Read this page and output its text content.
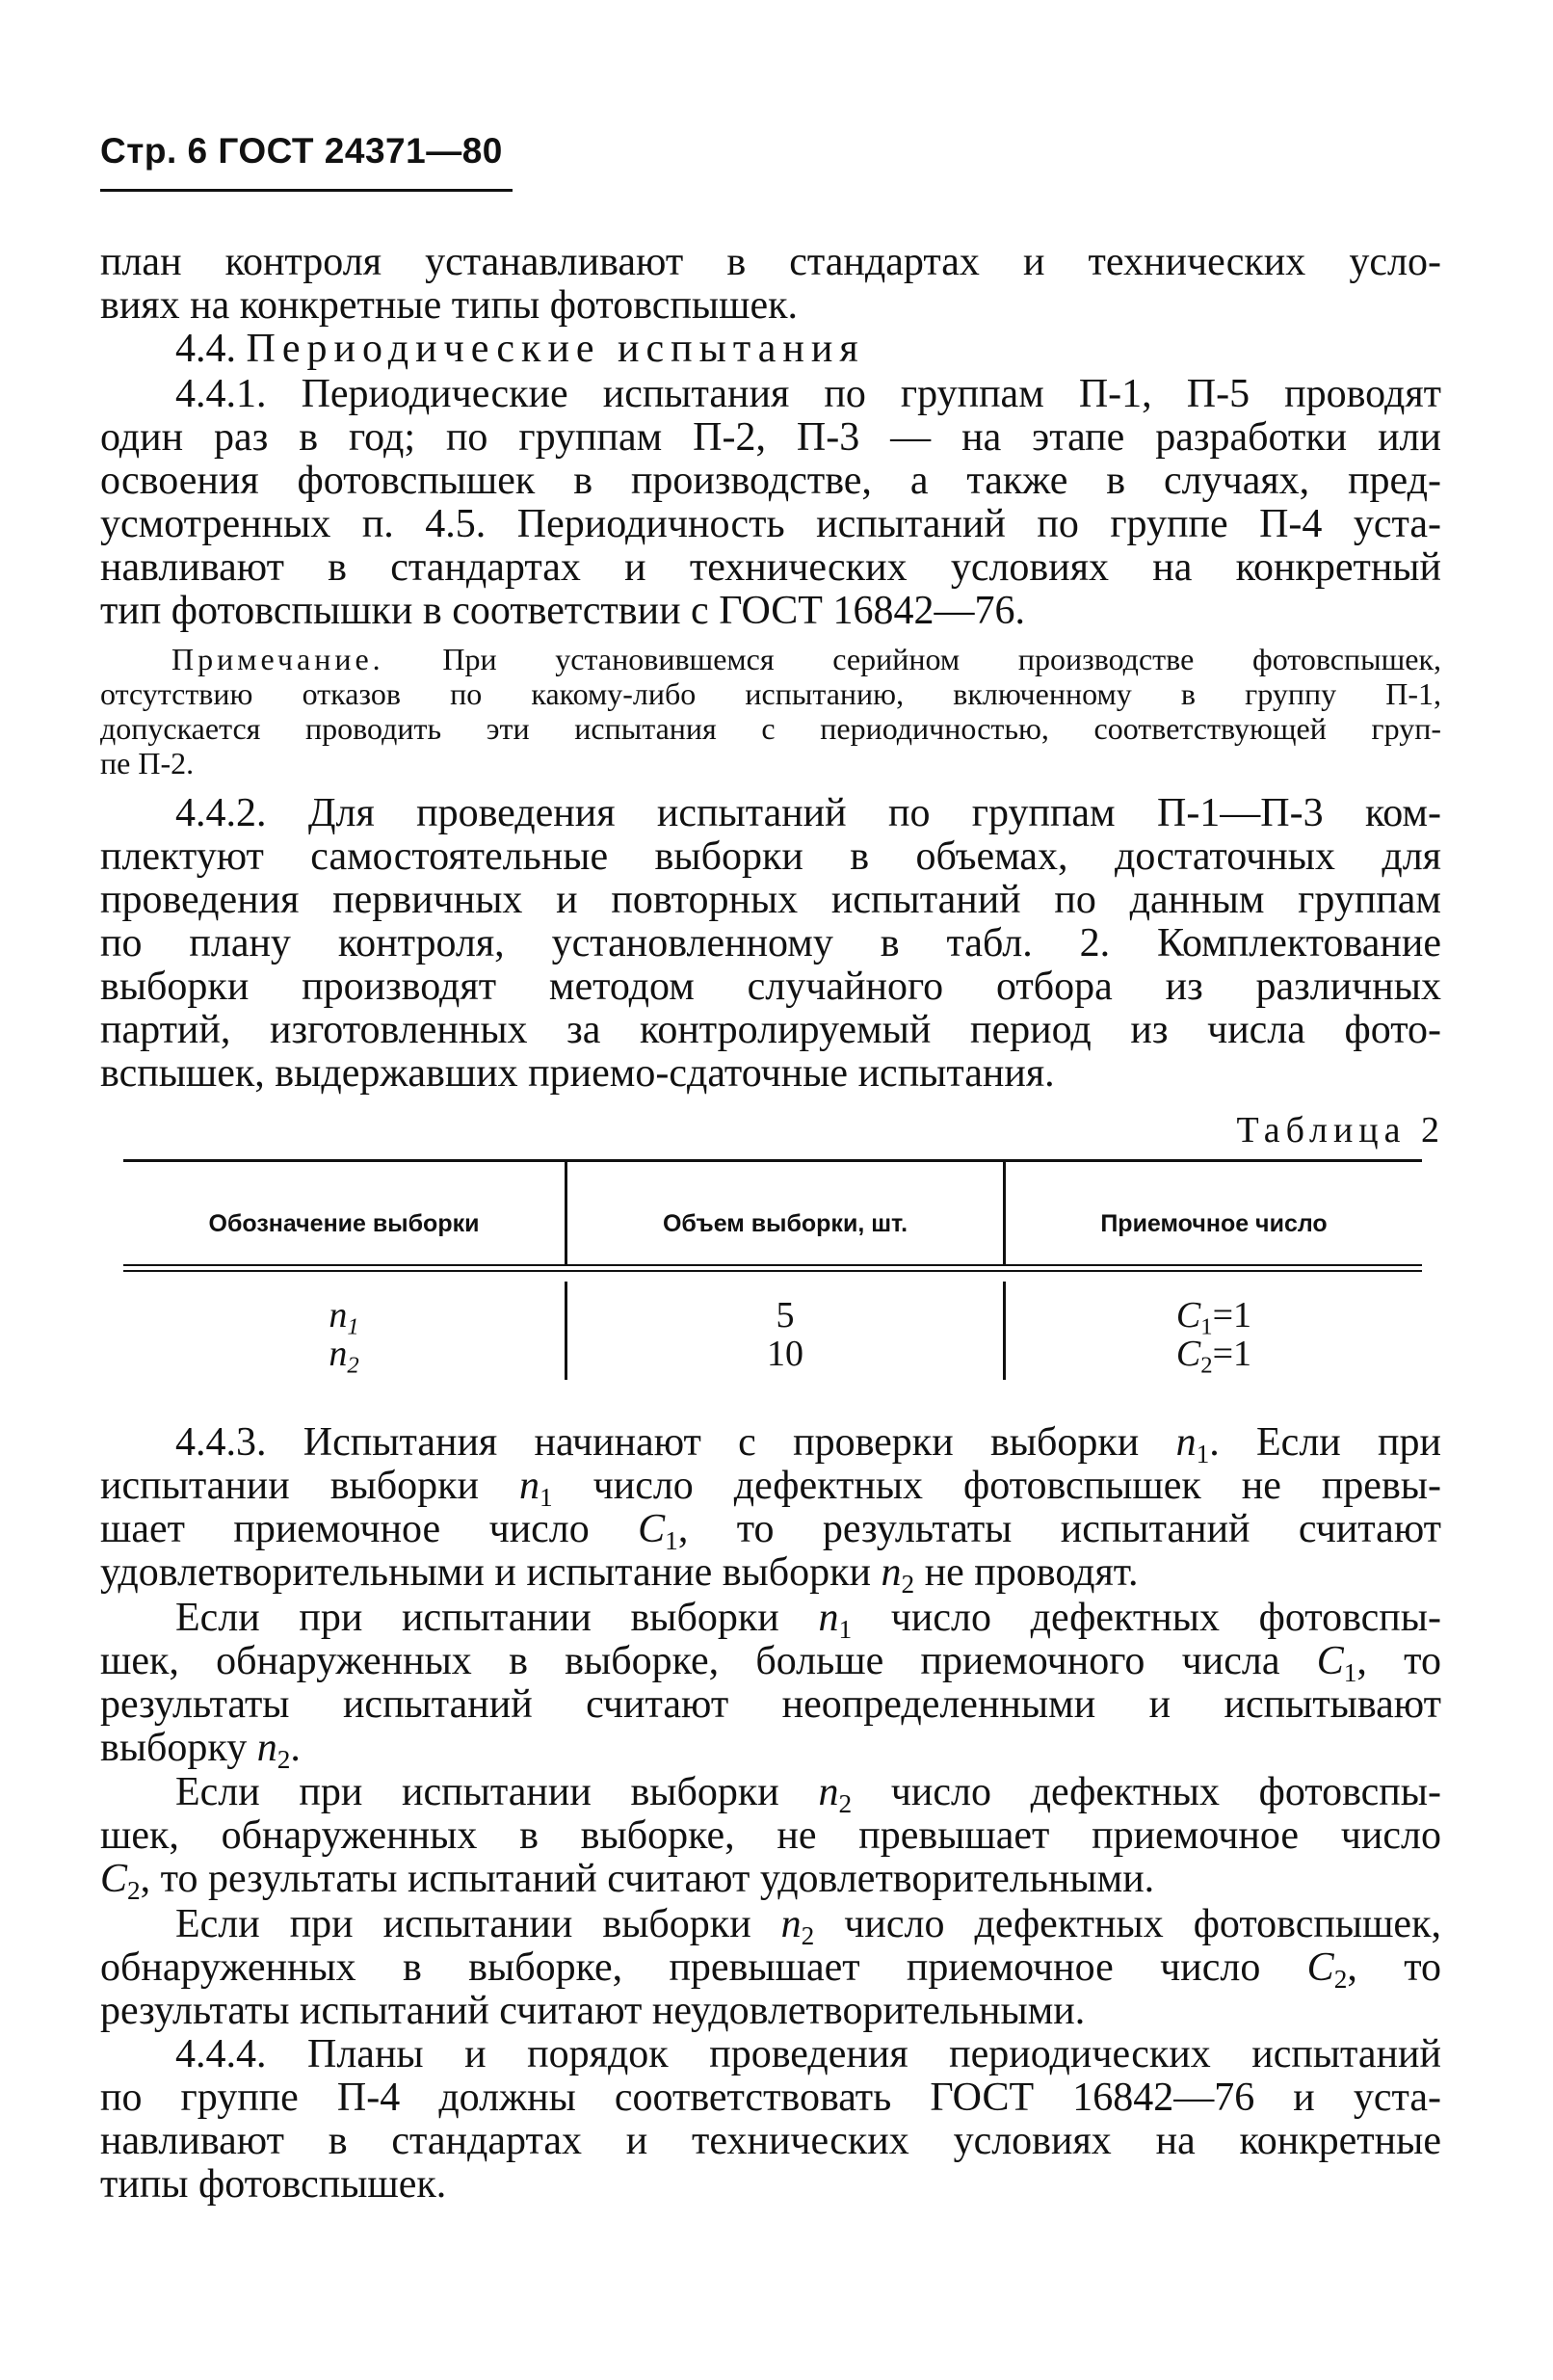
Стр. 6 ГОСТ 24371—80
план контроля устанавливают в стандартах и технических усло-
виях на конкретные типы фотовспышек.
4.4. Периодические испытания
4.4.1. Периодические испытания по группам П-1, П-5 проводят
один раз в год; по группам П-2, П-3 — на этапе разработки или
освоения фотовспышек в производстве, а также в случаях, пред-
усмотренных п. 4.5. Периодичность испытаний по группе П-4 уста-
навливают в стандартах и технических условиях на конкретный
тип фотовспышки в соответствии с ГОСТ 16842—76.
Примечание. При установившемся серийном производстве фотовспышек,
отсутствию отказов по какому-либо испытанию, включенному в группу П-1,
допускается проводить эти испытания с периодичностью, соответствующей груп-
пе П-2.
4.4.2. Для проведения испытаний по группам П-1—П-3 ком-
плектуют самостоятельные выборки в объемах, достаточных для
проведения первичных и повторных испытаний по данным группам
по плану контроля, установленному в табл. 2. Комплектование
выборки производят методом случайного отбора из различных
партий, изготовленных за контролируемый период из числа фото-
вспышек, выдержавших приемо-сдаточные испытания.
Таблица 2
Обозначение выборки	Объем выборки, шт.	Приемочное число
$n_1$	5	$C_1=1$
$n_2$	10	$C_2=1$
4.4.3. Испытания начинают с проверки выборки $n_1$. Если при
испытании выборки $n_1$ число дефектных фотовспышек не превы-
шает приемочное число $C_1$, то результаты испытаний считают
удовлетворительными и испытание выборки $n_2$ не проводят.
Если при испытании выборки $n_1$ число дефектных фотовспы-
шек, обнаруженных в выборке, больше приемочного числа $C_1$, то
результаты испытаний считают неопределенными и испытывают
выборку $n_2$.
Если при испытании выборки $n_2$ число дефектных фотовспы-
шек, обнаруженных в выборке, не превышает приемочное число
$C_2$, то результаты испытаний считают удовлетворительными.
Если при испытании выборки $n_2$ число дефектных фотовспышек,
обнаруженных в выборке, превышает приемочное число $C_2$, то
результаты испытаний считают неудовлетворительными.
4.4.4. Планы и порядок проведения периодических испытаний
по группе П-4 должны соответствовать ГОСТ 16842—76 и уста-
навливают в стандартах и технических условиях на конкретные
типы фотовспышек.
